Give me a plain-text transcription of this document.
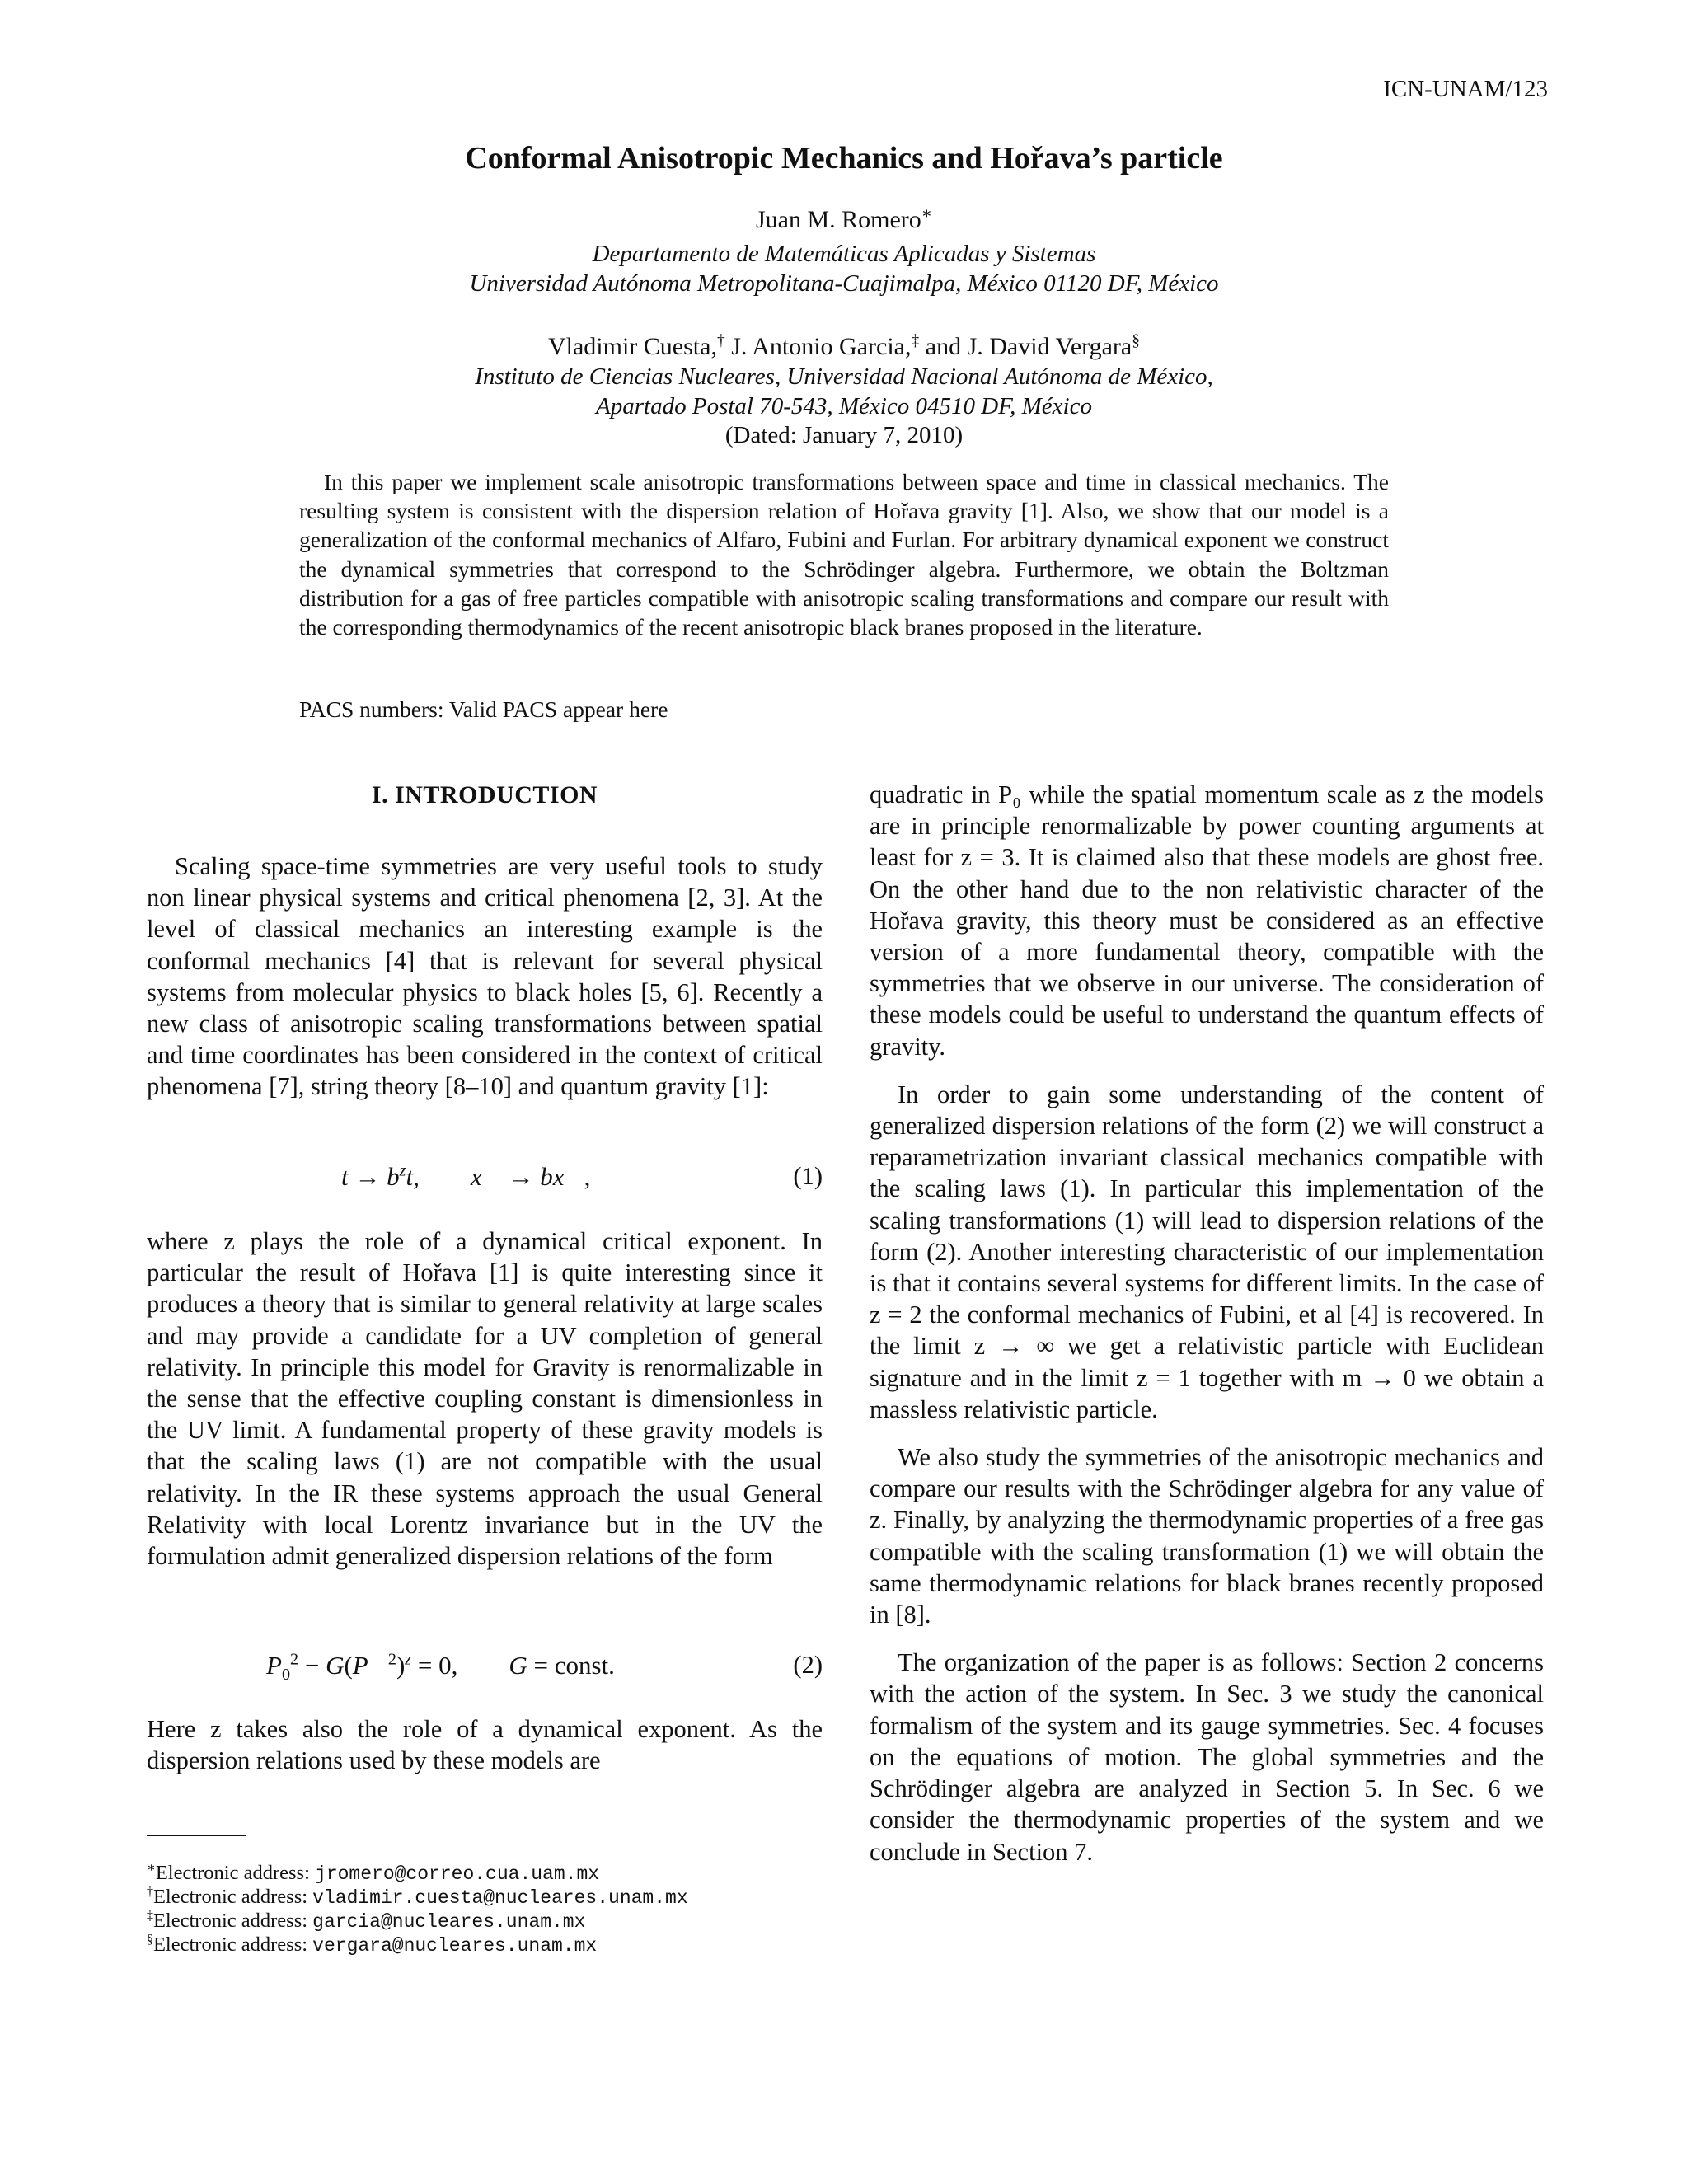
ICN-UNAM/123
Conformal Anisotropic Mechanics and Hořava’s particle
Juan M. Romero∗
Departamento de Matemáticas Aplicadas y Sistemas
Universidad Autónoma Metropolitana-Cuajimalpa, México 01120 DF, México
Vladimir Cuesta,† J. Antonio Garcia,‡ and J. David Vergara§
Instituto de Ciencias Nucleares, Universidad Nacional Autónoma de México,
Apartado Postal 70-543, México 04510 DF, México
(Dated: January 7, 2010)
In this paper we implement scale anisotropic transformations between space and time in classical mechanics. The resulting system is consistent with the dispersion relation of Hořava gravity [1]. Also, we show that our model is a generalization of the conformal mechanics of Alfaro, Fubini and Furlan. For arbitrary dynamical exponent we construct the dynamical symmetries that correspond to the Schrödinger algebra. Furthermore, we obtain the Boltzman distribution for a gas of free particles compatible with anisotropic scaling transformations and compare our result with the corresponding thermodynamics of the recent anisotropic black branes proposed in the literature.
PACS numbers: Valid PACS appear here
I. INTRODUCTION

Scaling space-time symmetries are very useful tools to study non linear physical systems and critical phenomena [2, 3]. At the level of classical mechanics an interesting example is the conformal mechanics [4] that is relevant for several physical systems from molecular physics to black holes [5, 6]. Recently a new class of anisotropic scaling transformations between spatial and time coordinates has been considered in the context of critical phenomena [7], string theory [8–10] and quantum gravity [1]:

$t \to b^zt$,        x⃗ → bx⃗,	(1)

where z plays the role of a dynamical critical exponent. In particular the result of Hořava [1] is quite interesting since it produces a theory that is similar to general relativity at large scales and may provide a candidate for a UV completion of general relativity. In principle this model for Gravity is renormalizable in the sense that the effective coupling constant is dimensionless in the UV limit. A fundamental property of these gravity models is that the scaling laws (1) are not compatible with the usual relativity. In the IR these systems approach the usual General Relativity with local Lorentz invariance but in the UV the formulation admit generalized dispersion relations of the form

$P_0^2$ − G(P⃗$^2$)$^z$ = 0,        G = const.	(2)

Here z takes also the role of a dynamical exponent. As the dispersion relations used by these models are

∗Electronic address: jromero@correo.cua.uam.mx
†Electronic address: vladimir.cuesta@nucleares.unam.mx
‡Electronic address: garcia@nucleares.unam.mx
§Electronic address: vergara@nucleares.unam.mx

quadratic in P₀ while the spatial momentum scale as z the models are in principle renormalizable by power counting arguments at least for z = 3. It is claimed also that these models are ghost free. On the other hand due to the non relativistic character of the Hořava gravity, this theory must be considered as an effective version of a more fundamental theory, compatible with the symmetries that we observe in our universe. The consideration of these models could be useful to understand the quantum effects of gravity.

In order to gain some understanding of the content of generalized dispersion relations of the form (2) we will construct a reparametrization invariant classical mechanics compatible with the scaling laws (1). In particular this implementation of the scaling transformations (1) will lead to dispersion relations of the form (2). Another interesting characteristic of our implementation is that it contains several systems for different limits. In the case of z = 2 the conformal mechanics of Fubini, et al [4] is recovered. In the limit z → ∞ we get a relativistic particle with Euclidean signature and in the limit z = 1 together with m → 0 we obtain a massless relativistic particle.

We also study the symmetries of the anisotropic mechanics and compare our results with the Schrödinger algebra for any value of z. Finally, by analyzing the thermodynamic properties of a free gas compatible with the scaling transformation (1) we will obtain the same thermodynamic relations for black branes recently proposed in [8].

The organization of the paper is as follows: Section 2 concerns with the action of the system. In Sec. 3 we study the canonical formalism of the system and its gauge symmetries. Sec. 4 focuses on the equations of motion. The global symmetries and the Schrödinger algebra are analyzed in Section 5. In Sec. 6 we consider the thermodynamic properties of the system and we conclude in Section 7.
